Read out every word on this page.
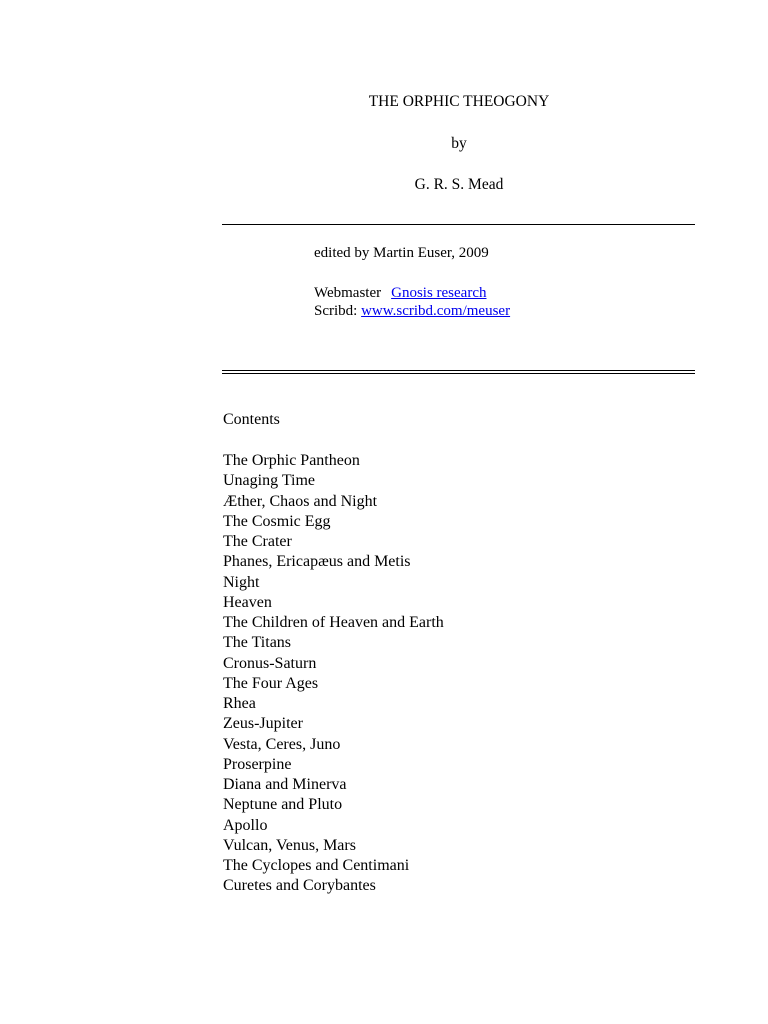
THE ORPHIC THEOGONY
by
G. R. S. Mead
edited by Martin Euser, 2009
Webmaster Gnosis research
Scribd: www.scribd.com/meuser
Contents
The Orphic Pantheon
Unaging Time
Æther, Chaos and Night
The Cosmic Egg
The Crater
Phanes, Ericapæus and Metis
Night
Heaven
The Children of Heaven and Earth
The Titans
Cronus-Saturn
The Four Ages
Rhea
Zeus-Jupiter
Vesta, Ceres, Juno
Proserpine
Diana and Minerva
Neptune and Pluto
Apollo
Vulcan, Venus, Mars
The Cyclopes and Centimani
Curetes and Corybantes
